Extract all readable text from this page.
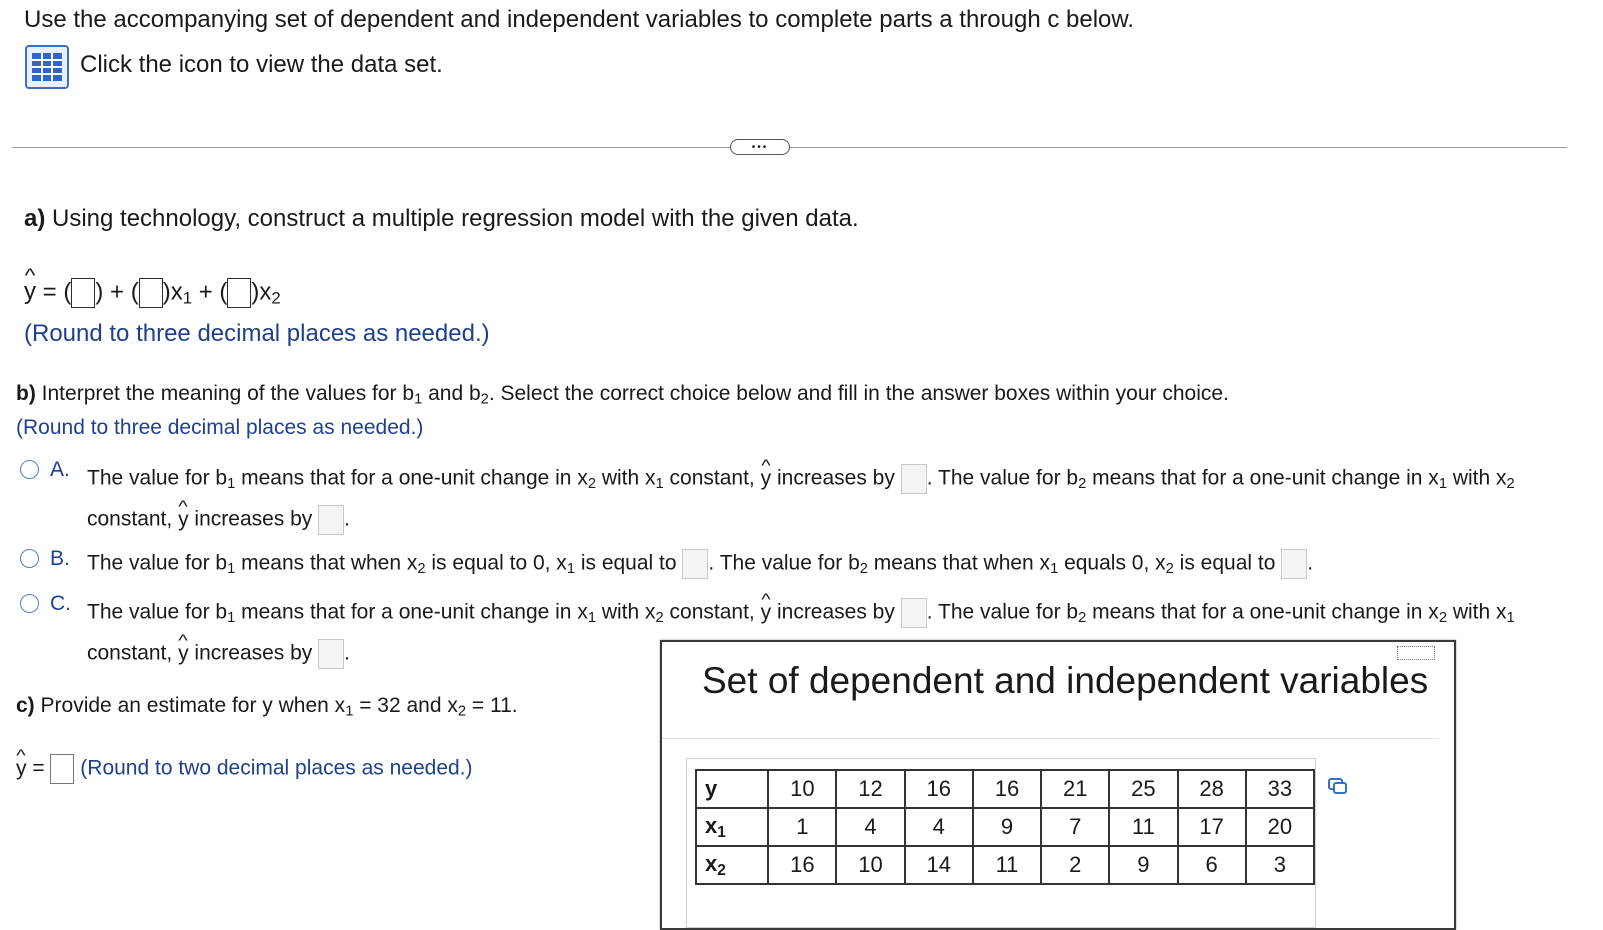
Use the accompanying set of dependent and independent variables to complete parts a through c below.
Click the icon to view the data set.
•••
a) Using technology, construct a multiple regression model with the given data.
^ y = ( ) + ( )$x_1$ + ( )$x_2$
(Round to three decimal places as needed.)
b) Interpret the meaning of the values for $b_1$ and $b_2$. Select the correct choice below and fill in the answer boxes within your choice.
(Round to three decimal places as needed.)
A. The value for $b_1$ means that for a one-unit change in $x_2$ with $x_1$ constant, ^ y increases by . The value for $b_2$ means that for a one-unit change in $x_1$ with $x_2$
constant, ^ y increases by .
B. The value for $b_1$ means that when $x_2$ is equal to 0, $x_1$ is equal to . The value for $b_2$ means that when $x_1$ equals 0, $x_2$ is equal to .
C. The value for $b_1$ means that for a one-unit change in $x_1$ with $x_2$ constant, ^ y increases by . The value for $b_2$ means that for a one-unit change in $x_2$ with $x_1$
constant, ^ y increases by .
c) Provide an estimate for y when $x_1 = 32$ and $x_2 = 11$.
^ y =  (Round to two decimal places as needed.)
Set of dependent and independent variables
y	10	12	16	16	21	25	28	33
$x_1$	1	4	4	9	7	11	17	20
$x_2$	16	10	14	11	2	9	6	3
